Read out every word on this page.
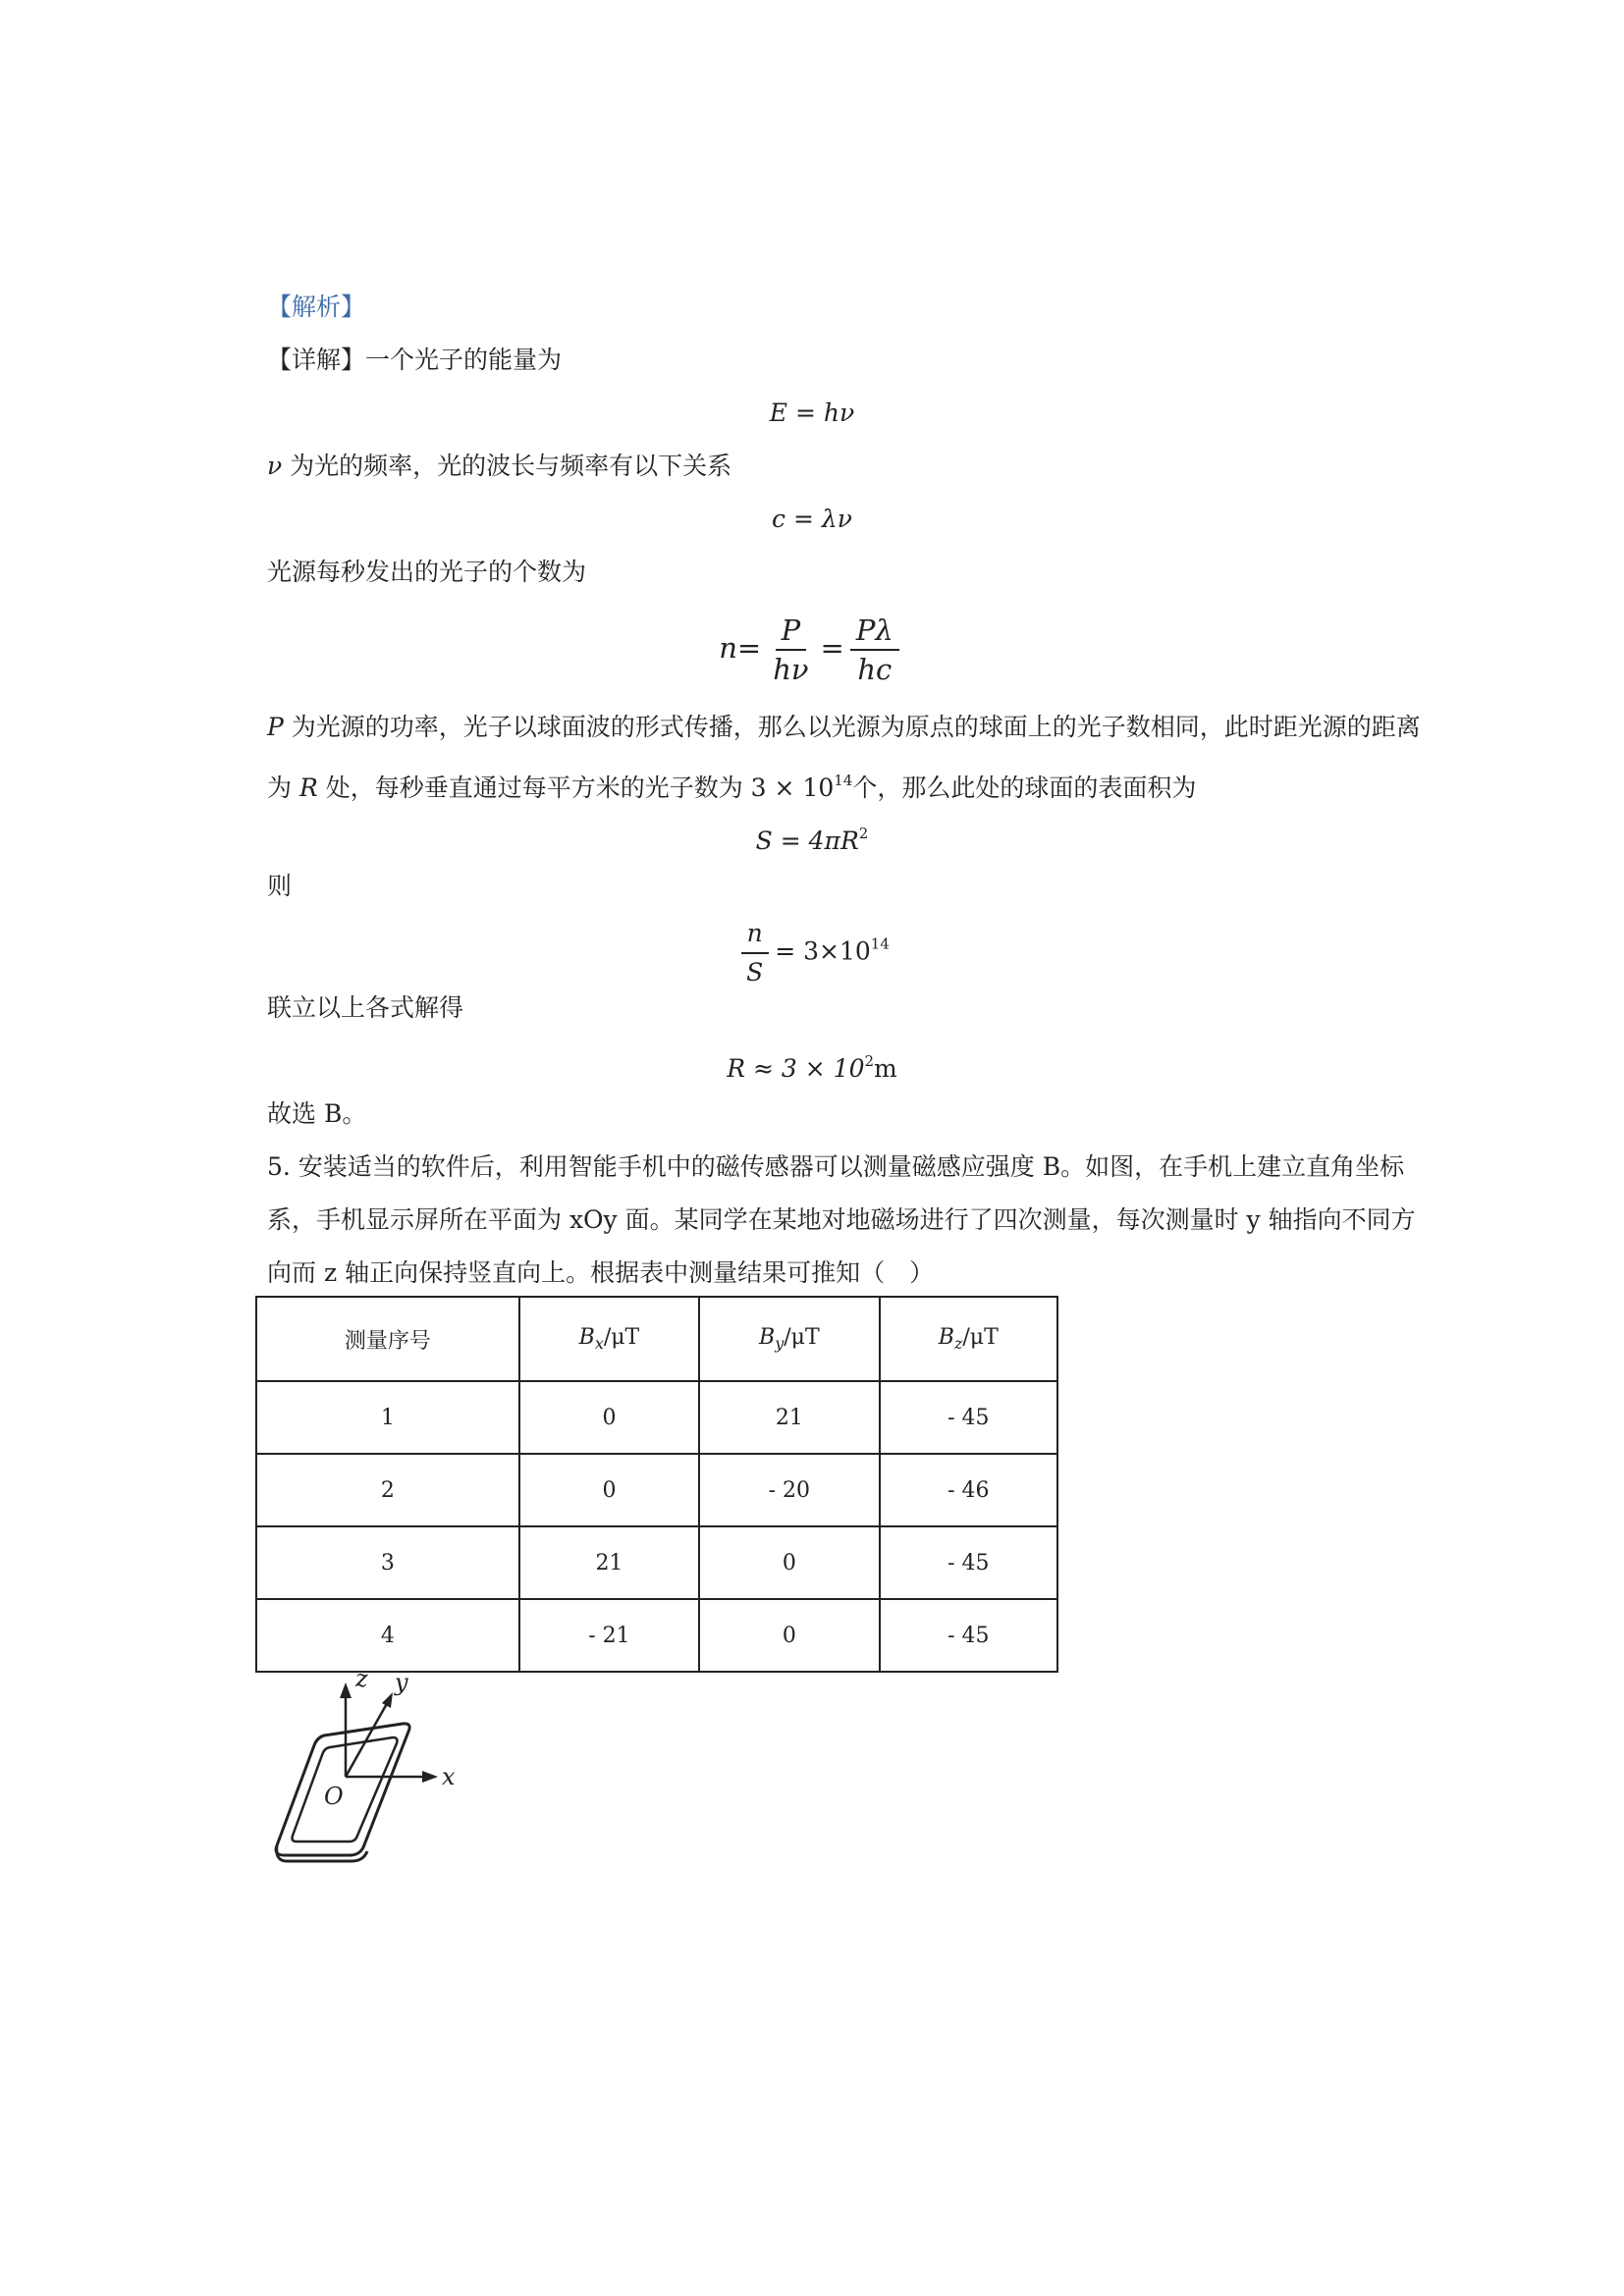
【解析】
【详解】一个光子的能量为
E = hν
ν 为光的频率，光的波长与频率有以下关系
c = λν
光源每秒发出的光子的个数为
$n= \frac{P}{h\nu} = \frac{P\lambda}{hc}$
P 为光源的功率，光子以球面波的形式传播，那么以光源为原点的球面上的光子数相同，此时距光源的距离
为 R 处，每秒垂直通过每平方米的光子数为 $3 \times 10^{14}$个，那么此处的球面的表面积为
$S = 4\pi R^2$
则
$\frac{n}{S} = 3\times 10^{14}$
联立以上各式解得
$R \approx 3 \times 10^2m$
故选 B。
5. 安装适当的软件后，利用智能手机中的磁传感器可以测量磁感应强度 B。如图，在手机上建立直角坐标
系，手机显示屏所在平面为 xOy 面。某同学在某地对地磁场进行了四次测量，每次测量时 y 轴指向不同方
向而 z 轴正向保持竖直向上。根据表中测量结果可推知（　）
测量序号	$B_x/\mu T$	$B_y/\mu T$	$B_z/\mu T$
1	0	21	- 45
2	0	- 20	- 46
3	21	0	- 45
4	- 21	0	- 45
z y
x
O
